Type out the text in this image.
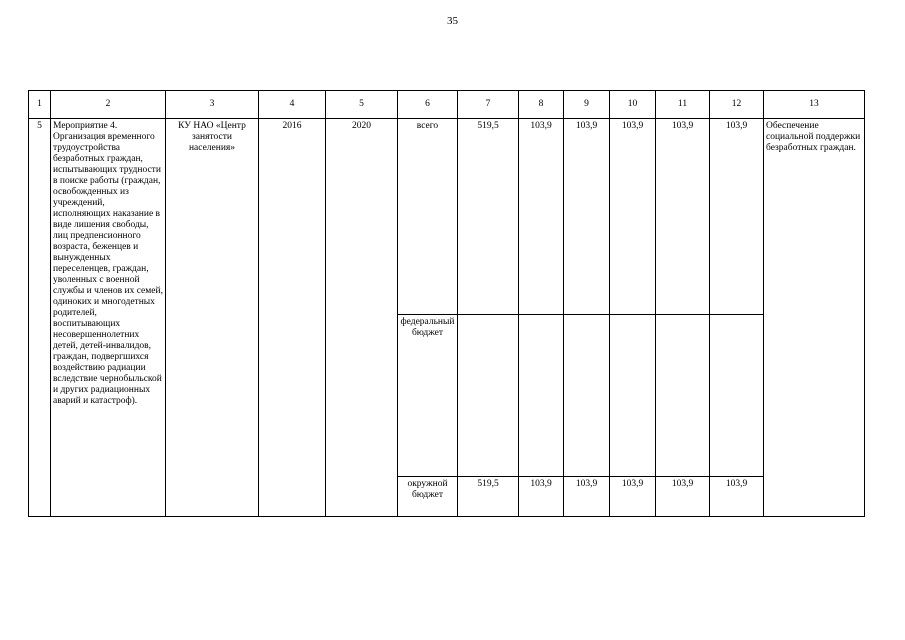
35
1	2	3	4	5	6	7	8	9	10	11	12	13
5	Мероприятие 4. Организация временного трудоустройства безработных граждан, испытывающих трудности в поиске работы (граждан, освобожденных из учреждений, исполняющих наказание в виде лишения свободы, лиц предпенсионного возраста, беженцев и вынужденных переселенцев, граждан, уволенных с военной службы и членов их семей, одиноких и многодетных родителей, воспитывающих несовершеннолетних детей, детей-инвалидов, граждан, подвергшихся воздействию радиации вследствие чернобыльской и других радиационных аварий и катастроф).	КУ НАО «Центр занятости населения»	2016	2020	всего	519,5	103,9	103,9	103,9	103,9	103,9	Обеспечение социальной поддержки безработных граждан.
					федеральный бюджет							
					окружной бюджет	519,5	103,9	103,9	103,9	103,9	103,9	
